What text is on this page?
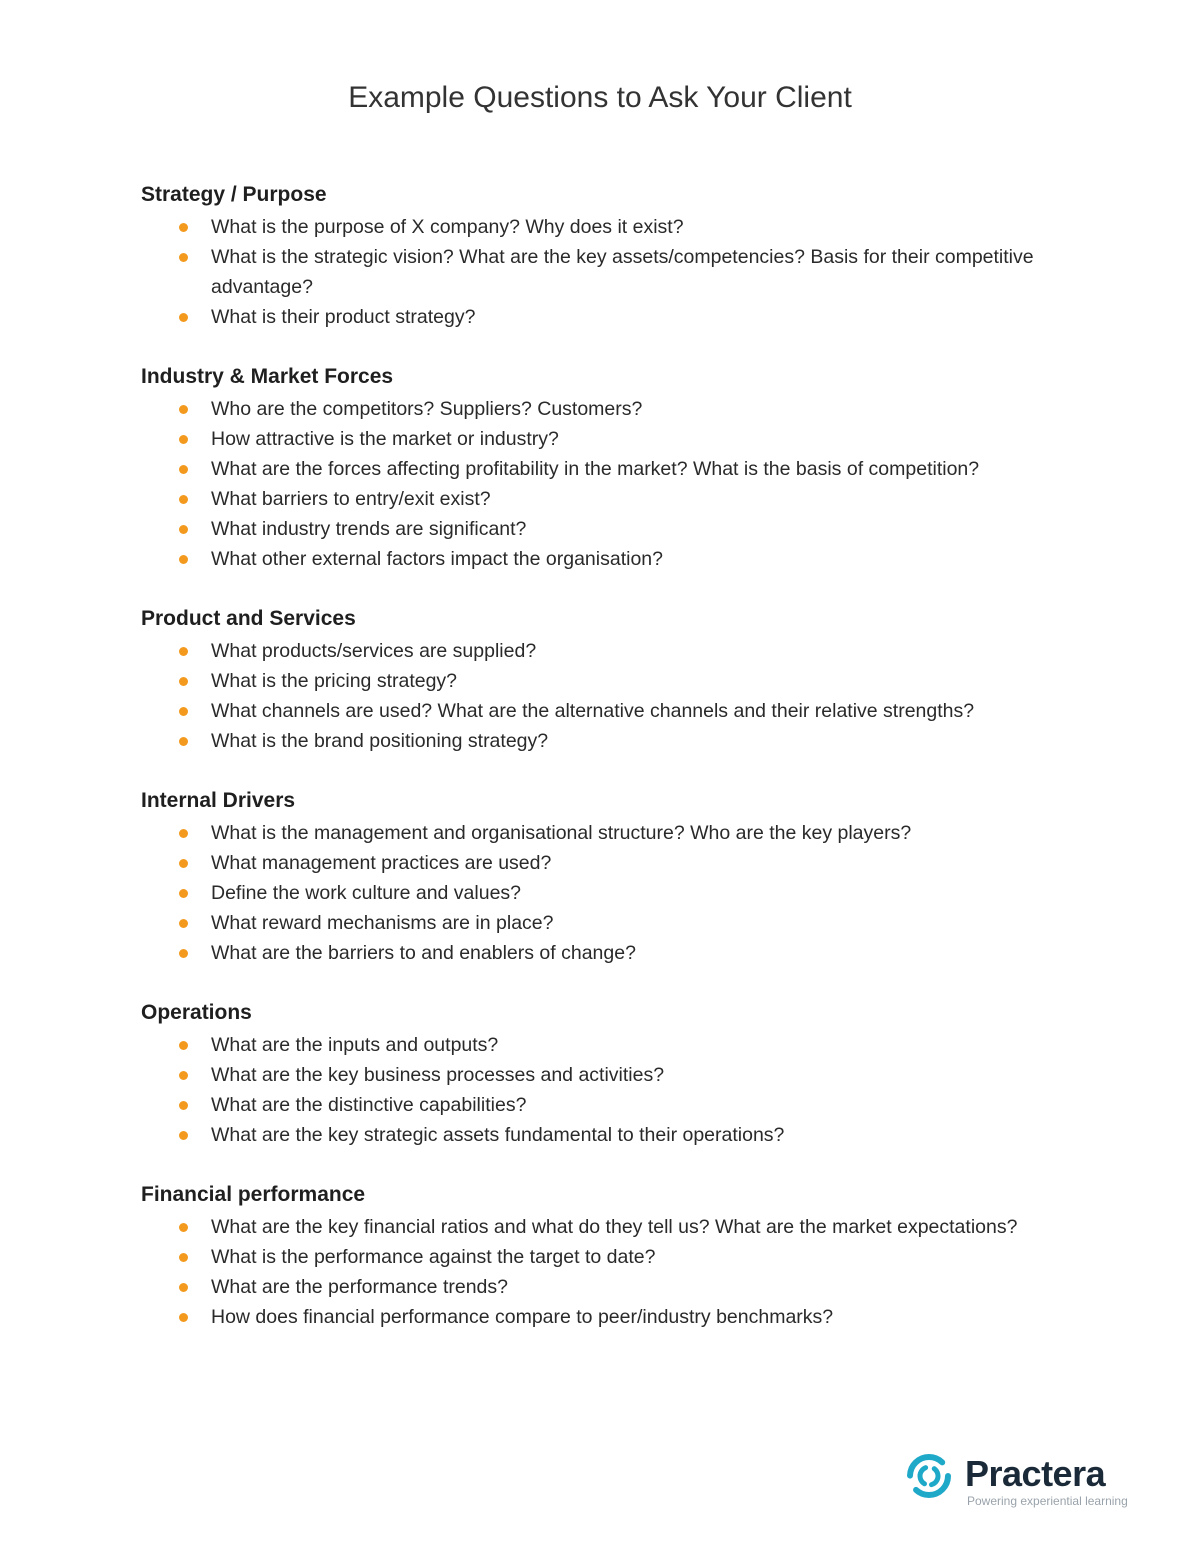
Example Questions to Ask Your Client
Strategy / Purpose
What is the purpose of X company? Why does it exist?
What is the strategic vision? What are the key assets/competencies? Basis for their competitive advantage?
What is their product strategy?
Industry & Market Forces
Who are the competitors? Suppliers? Customers?
How attractive is the market or industry?
What are the forces affecting profitability in the market? What is the basis of competition?
What barriers to entry/exit exist?
What industry trends are significant?
What other external factors impact the organisation?
Product and Services
What products/services are supplied?
What is the pricing strategy?
What channels are used? What are the alternative channels and their relative strengths?
What is the brand positioning strategy?
Internal Drivers
What is the management and organisational structure? Who are the key players?
What management practices are used?
Define the work culture and values?
What reward mechanisms are in place?
What are the barriers to and enablers of change?
Operations
What are the inputs and outputs?
What are the key business processes and activities?
What are the distinctive capabilities?
What are the key strategic assets fundamental to their operations?
Financial performance
What are the key financial ratios and what do they tell us? What are the market expectations?
What is the performance against the target to date?
What are the performance trends?
How does financial performance compare to peer/industry benchmarks?
Practera
Powering experiential learning
